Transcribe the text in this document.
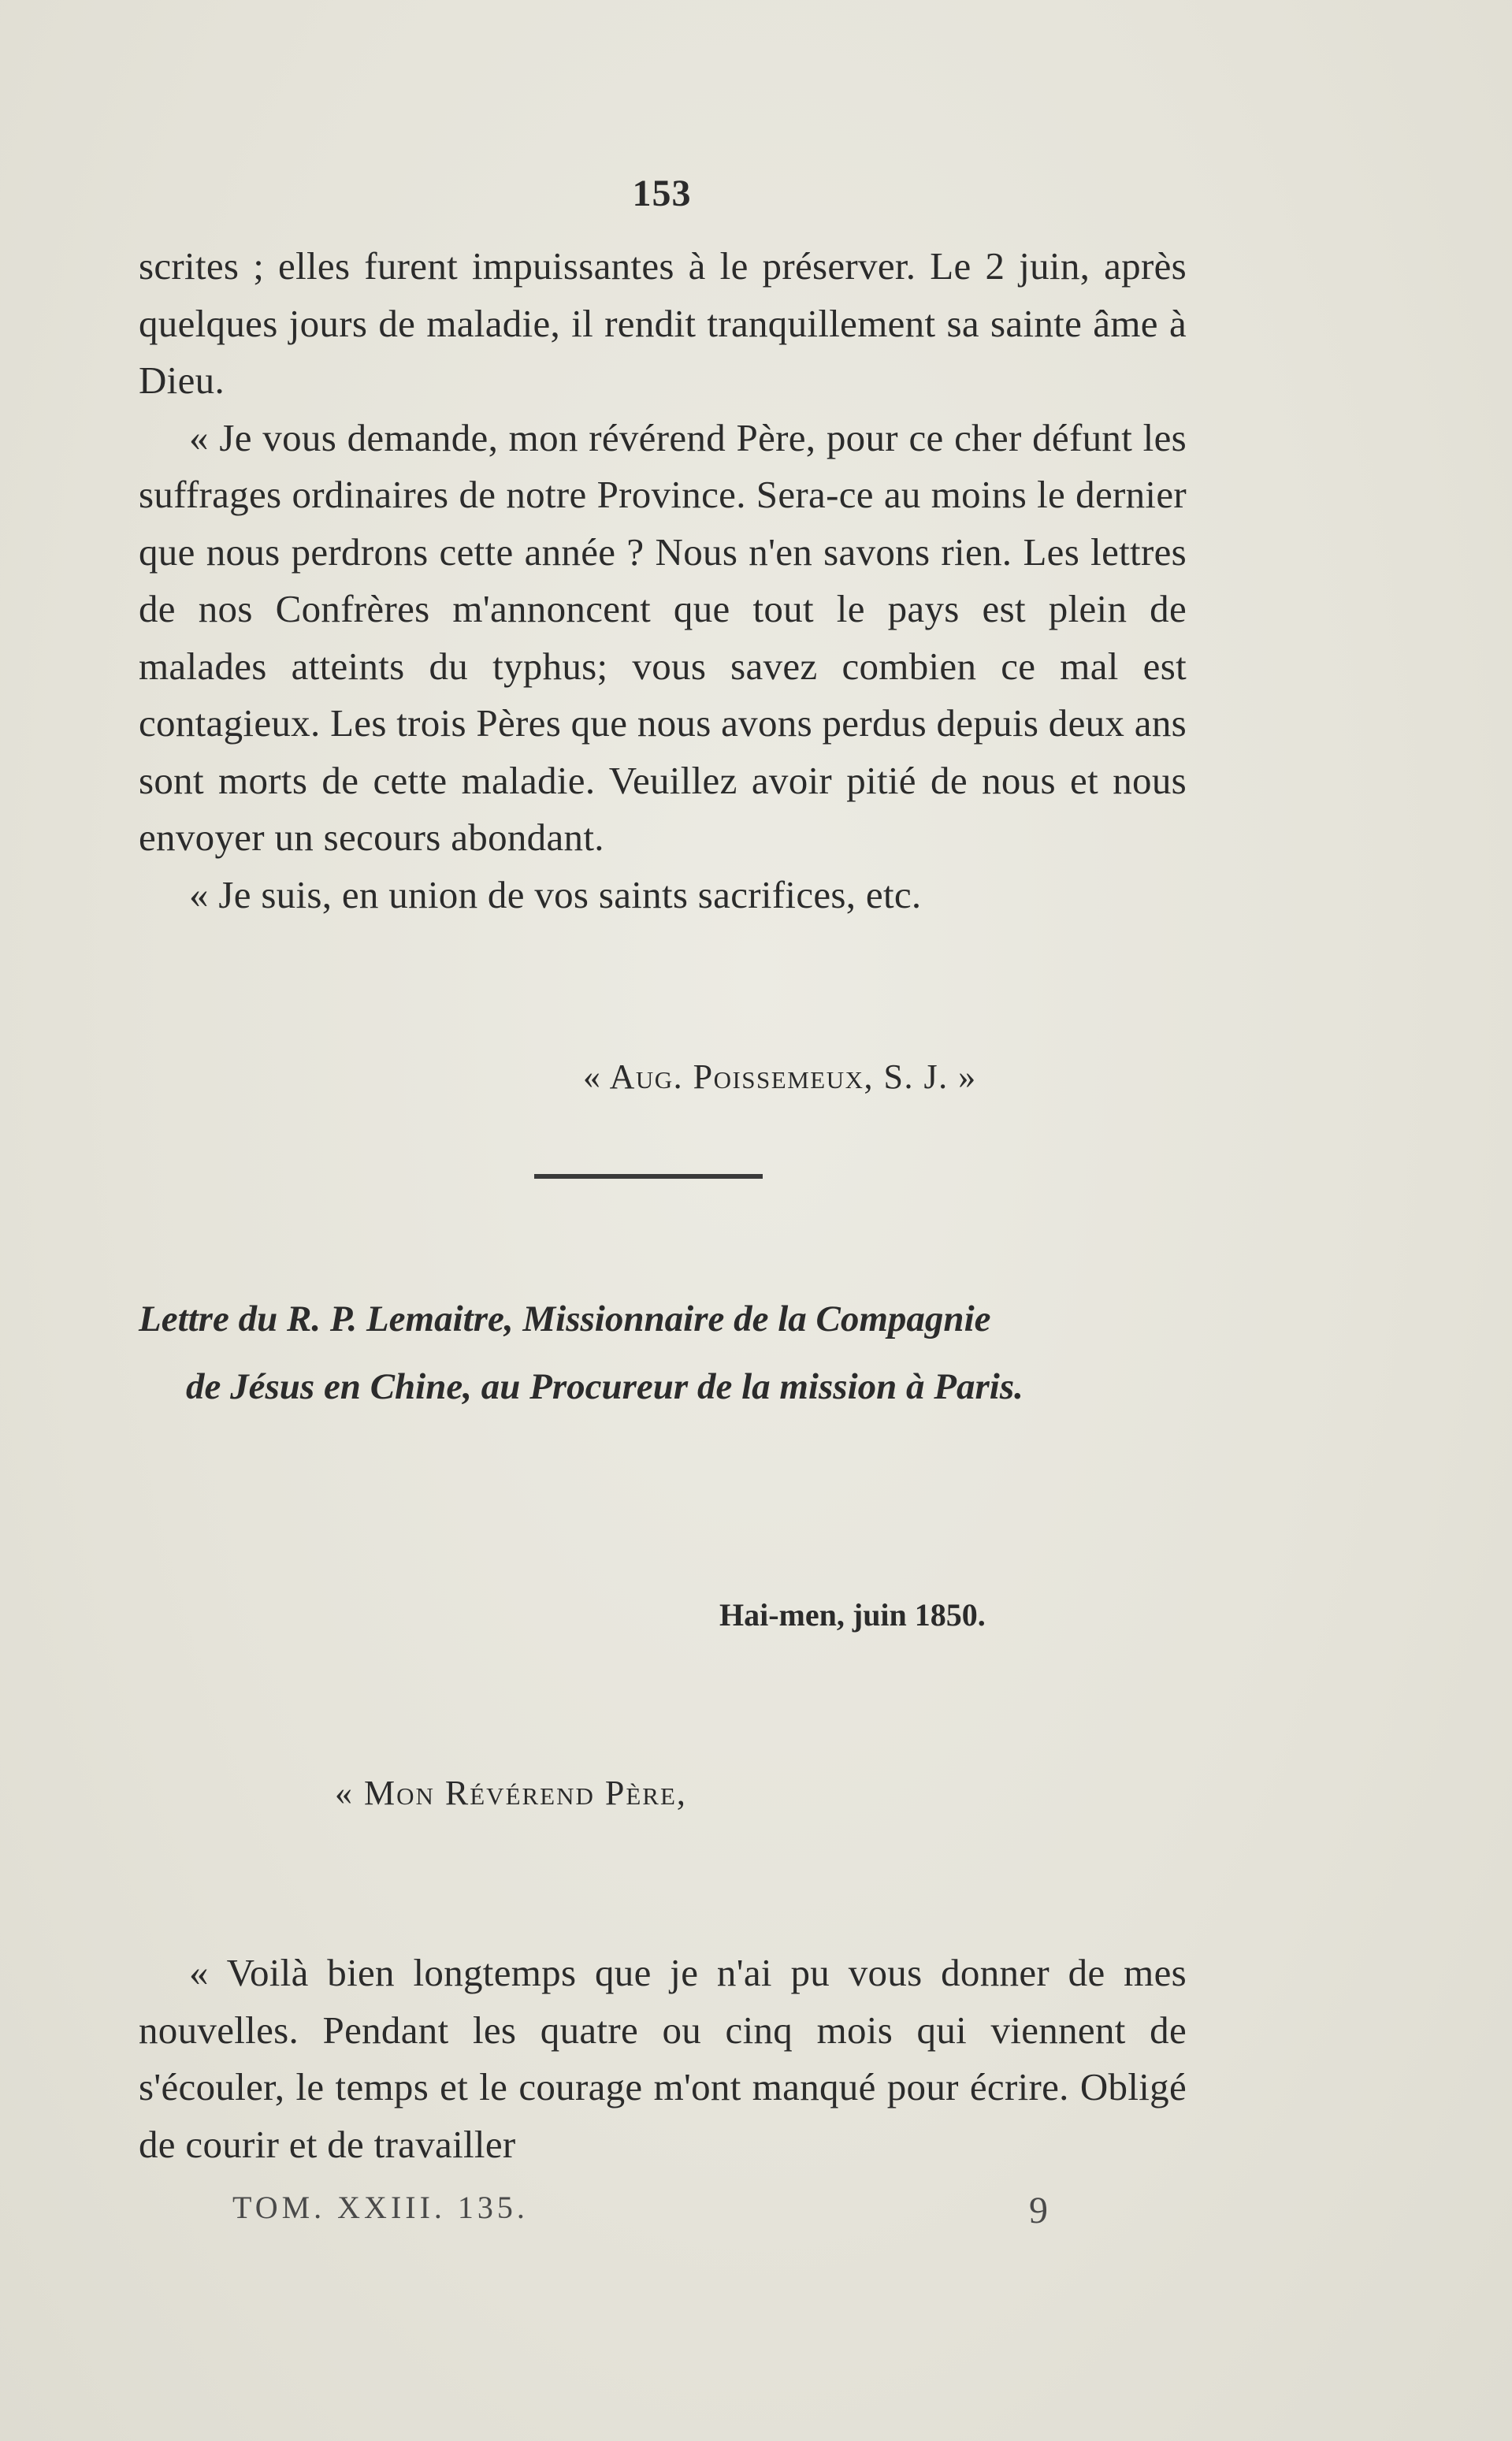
153

scrites ; elles furent impuissantes à le préserver. Le 2 juin, après quelques jours de maladie, il rendit tranquillement sa sainte âme à Dieu.

« Je vous demande, mon révérend Père, pour ce cher défunt les suffrages ordinaires de notre Province. Sera-ce au moins le dernier que nous perdrons cette année ? Nous n'en savons rien. Les lettres de nos Confrères m'annoncent que tout le pays est plein de malades atteints du typhus; vous savez combien ce mal est contagieux. Les trois Pères que nous avons perdus depuis deux ans sont morts de cette maladie. Veuillez avoir pitié de nous et nous envoyer un secours abondant.

« Je suis, en union de vos saints sacrifices, etc.

« Aug. Poissemeux, S. J. »
Lettre du R. P. Lemaitre, Missionnaire de la Compagnie
de Jésus en Chine, au Procureur de la mission à Paris.
Hai-men, juin 1850.
« Mon Révérend Père,

« Voilà bien longtemps que je n'ai pu vous donner de mes nouvelles. Pendant les quatre ou cinq mois qui viennent de s'écouler, le temps et le courage m'ont manqué pour écrire. Obligé de courir et de travailler

TOM. XXIII. 135.	9
